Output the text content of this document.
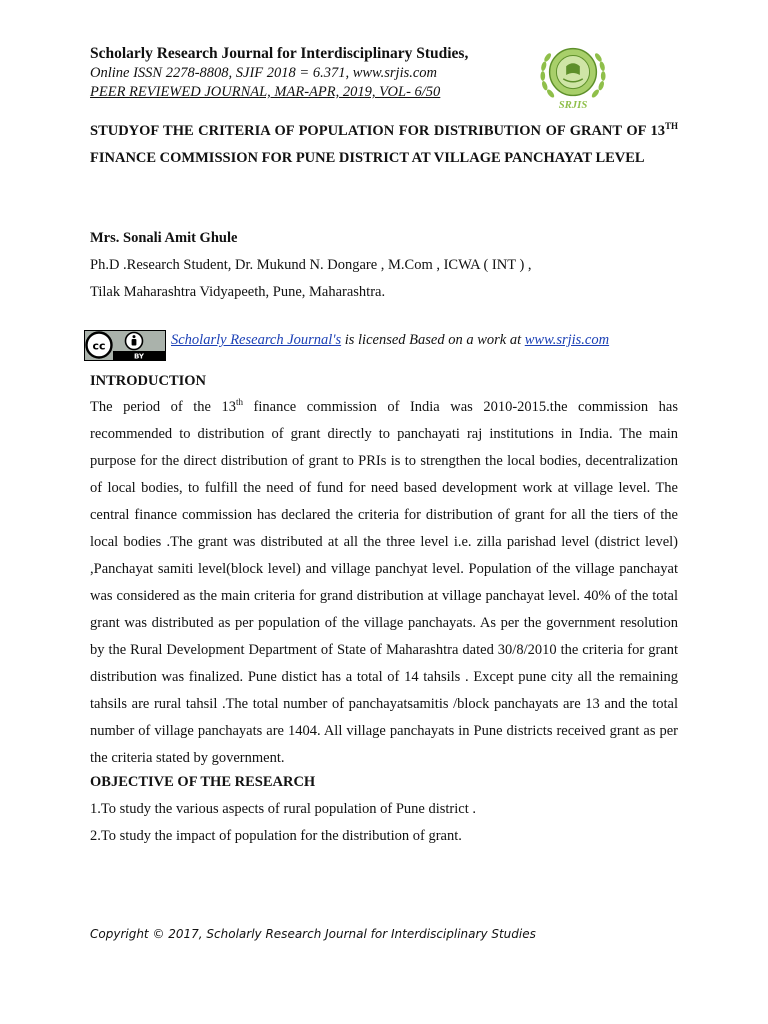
Scholarly Research Journal for Interdisciplinary Studies,
Online ISSN 2278-8808, SJIF 2018 = 6.371, www.srjis.com
PEER REVIEWED JOURNAL, MAR-APR, 2019, VOL- 6/50
SRJIS
STUDYOF THE CRITERIA OF POPULATION FOR DISTRIBUTION OF GRANT OF 13TH FINANCE COMMISSION FOR PUNE DISTRICT AT VILLAGE PANCHAYAT LEVEL
Mrs. Sonali Amit Ghule
Ph.D .Research Student, Dr. Mukund N. Dongare , M.Com , ICWA ( INT ) ,
Tilak Maharashtra Vidyapeeth, Pune, Maharashtra.
cc
BY
Scholarly Research Journal's is licensed Based on a work at www.srjis.com
INTRODUCTION
The period of the 13th finance commission of India was 2010-2015.the commission has recommended to distribution of grant directly to panchayati raj institutions in India. The main purpose for the direct distribution of grant to PRIs is to strengthen the local bodies, decentralization of local bodies, to fulfill the need of fund for need based development work at village level. The central finance commission has declared the criteria for distribution of grant for all the tiers of the local bodies .The grant was distributed at all the three level i.e. zilla parishad level (district level) ,Panchayat samiti level(block level) and village panchyat level. Population of the village panchayat was considered as the main criteria for grand distribution at village panchayat level. 40% of the total grant was distributed as per population of the village panchayats. As per the government resolution by the Rural Development Department of State of Maharashtra dated 30/8/2010 the criteria for grant distribution was finalized. Pune distict has a total of 14 tahsils . Except pune city all the remaining tahsils are rural tahsil .The total number of panchayatsamitis /block panchayats are 13 and the total number of village panchayats are 1404. All village panchayats in Pune districts received grant as per the criteria stated by government.
OBJECTIVE OF THE RESEARCH
1.To study the various aspects of rural population of Pune district .
2.To study the impact of population for the distribution of grant.
Copyright © 2017, Scholarly Research Journal for Interdisciplinary Studies
